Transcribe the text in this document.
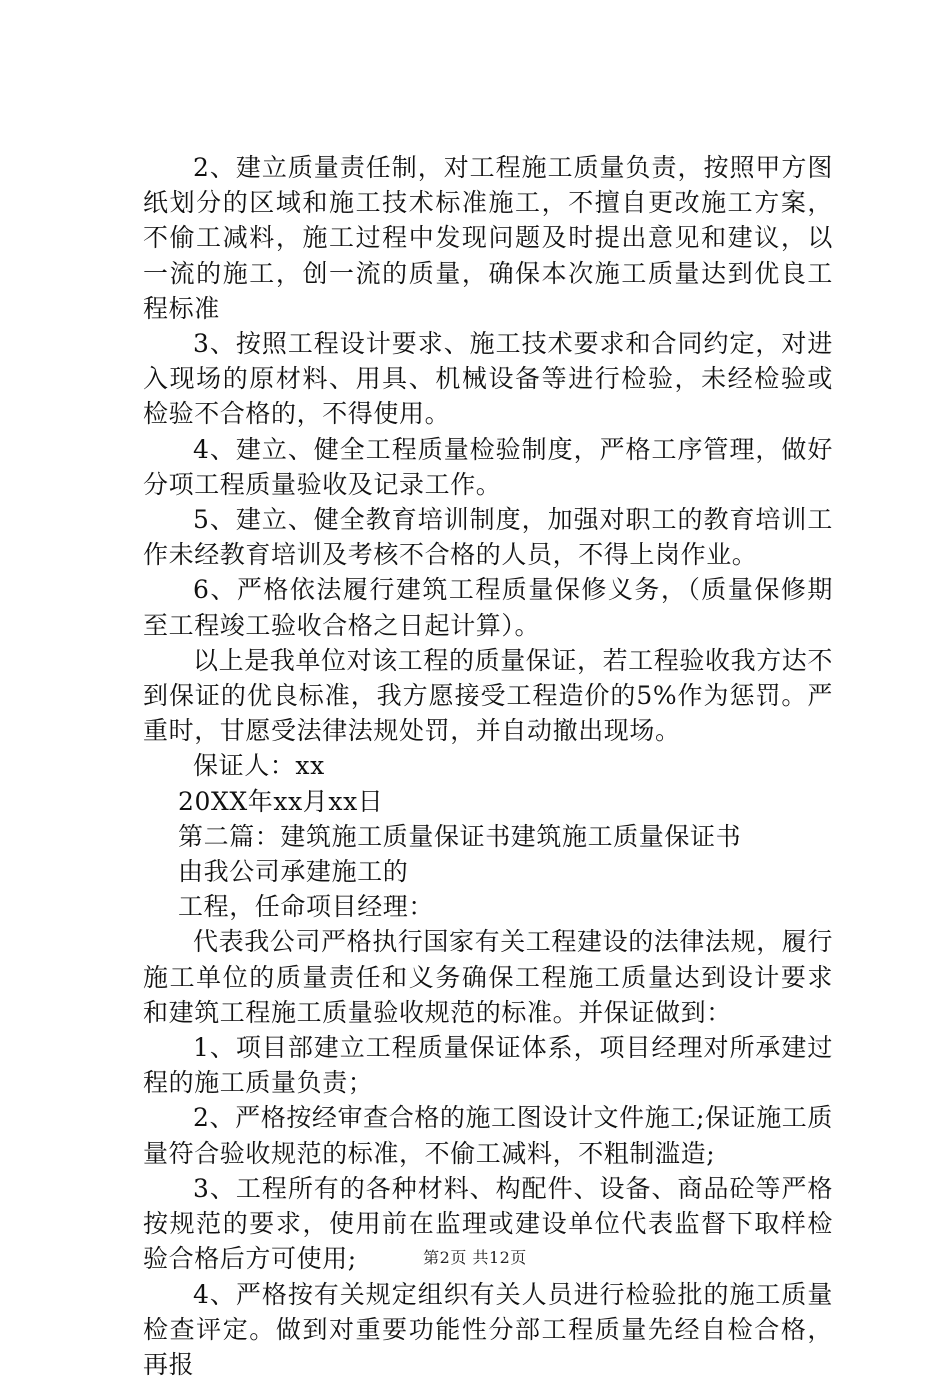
2、建立质量责任制，对工程施工质量负责，按照甲方图纸划分的区域和施工技术标准施工，不擅自更改施工方案，不偷工减料，施工过程中发现问题及时提出意见和建议，以一流的施工，创一流的质量，确保本次施工质量达到优良工程标准

3、按照工程设计要求、施工技术要求和合同约定，对进入现场的原材料、用具、机械设备等进行检验，未经检验或检验不合格的，不得使用。

4、建立、健全工程质量检验制度，严格工序管理，做好分项工程质量验收及记录工作。

5、建立、健全教育培训制度，加强对职工的教育培训工作未经教育培训及考核不合格的人员，不得上岗作业。

6、严格依法履行建筑工程质量保修义务，（质量保修期至工程竣工验收合格之日起计算）。

以上是我单位对该工程的质量保证，若工程验收我方达不到保证的优良标准，我方愿接受工程造价的5%作为惩罚。严重时，甘愿受法律法规处罚，并自动撤出现场。

保证人：xx

20XX年xx月xx日

第二篇：建筑施工质量保证书建筑施工质量保证书

由我公司承建施工的

工程，任命项目经理：

代表我公司严格执行国家有关工程建设的法律法规，履行施工单位的质量责任和义务确保工程施工质量达到设计要求和建筑工程施工质量验收规范的标准。并保证做到：

1、项目部建立工程质量保证体系，项目经理对所承建过程的施工质量负责；

2、严格按经审查合格的施工图设计文件施工;保证施工质量符合验收规范的标准，不偷工减料，不粗制滥造;

3、工程所有的各种材料、构配件、设备、商品砼等严格按规范的要求，使用前在监理或建设单位代表监督下取样检验合格后方可使用;

4、严格按有关规定组织有关人员进行检验批的施工质量检查评定。做到对重要功能性分部工程质量先经自检合格，再报

第2页 共12页
